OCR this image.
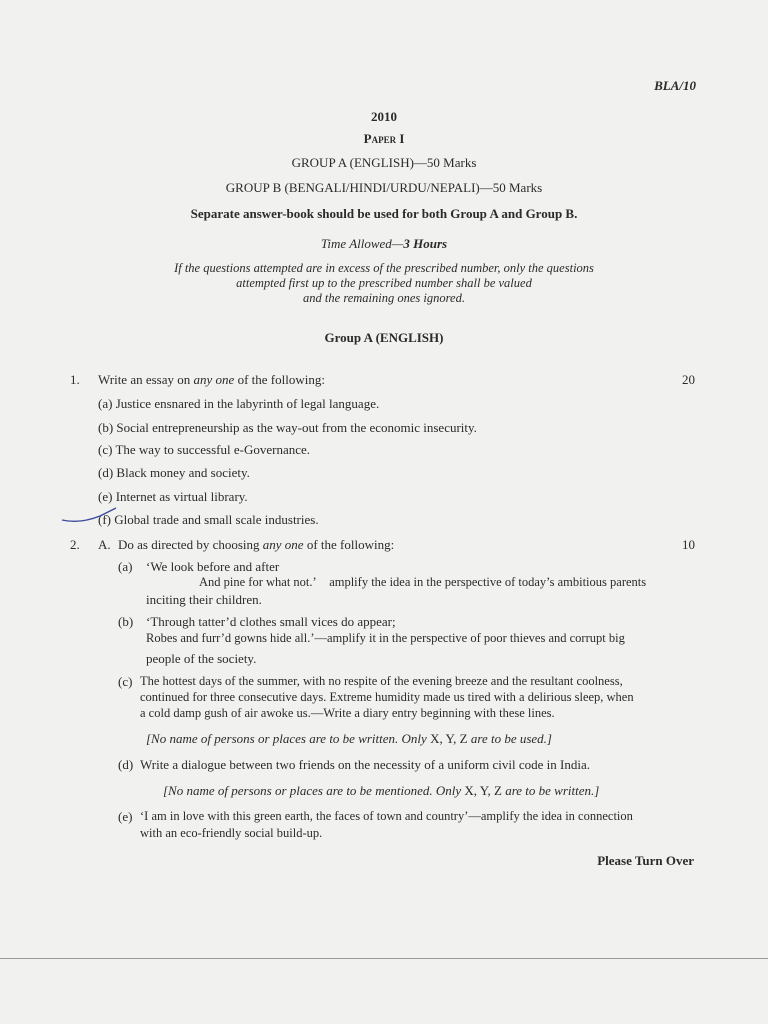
BLA/10
2010
Paper I
GROUP A (ENGLISH)—50 Marks
GROUP B (BENGALI/HINDI/URDU/NEPALI)—50 Marks
Separate answer-book should be used for both Group A and Group B.
Time Allowed—3 Hours
If the questions attempted are in excess of the prescribed number, only the questions
attempted first up to the prescribed number shall be valued
and the remaining ones ignored.
Group A (ENGLISH)
1. Write an essay on any one of the following:	20
(a) Justice ensnared in the labyrinth of legal language.
(b) Social entrepreneurship as the way-out from the economic insecurity.
(c) The way to successful e-Governance.
(d) Black money and society.
(e) Internet as virtual library.
(f) Global trade and small scale industries.
2. A. Do as directed by choosing any one of the following:	10
(a) ‘We look before and after
And pine for what not.’ amplify the idea in the perspective of today’s ambitious parents
inciting their children.
(b) ‘Through tatter’d clothes small vices do appear;
Robes and furr’d gowns hide all.’—amplify it in the perspective of poor thieves and corrupt big
people of the society.
(c) The hottest days of the summer, with no respite of the evening breeze and the resultant coolness,
continued for three consecutive days. Extreme humidity made us tired with a delirious sleep, when
a cold damp gush of air awoke us.—Write a diary entry beginning with these lines.
[No name of persons or places are to be written. Only X, Y, Z are to be used.]
(d) Write a dialogue between two friends on the necessity of a uniform civil code in India.
[No name of persons or places are to be mentioned. Only X, Y, Z are to be written.]
(e) ‘I am in love with this green earth, the faces of town and country’—amplify the idea in connection
with an eco-friendly social build-up.
Please Turn Over
